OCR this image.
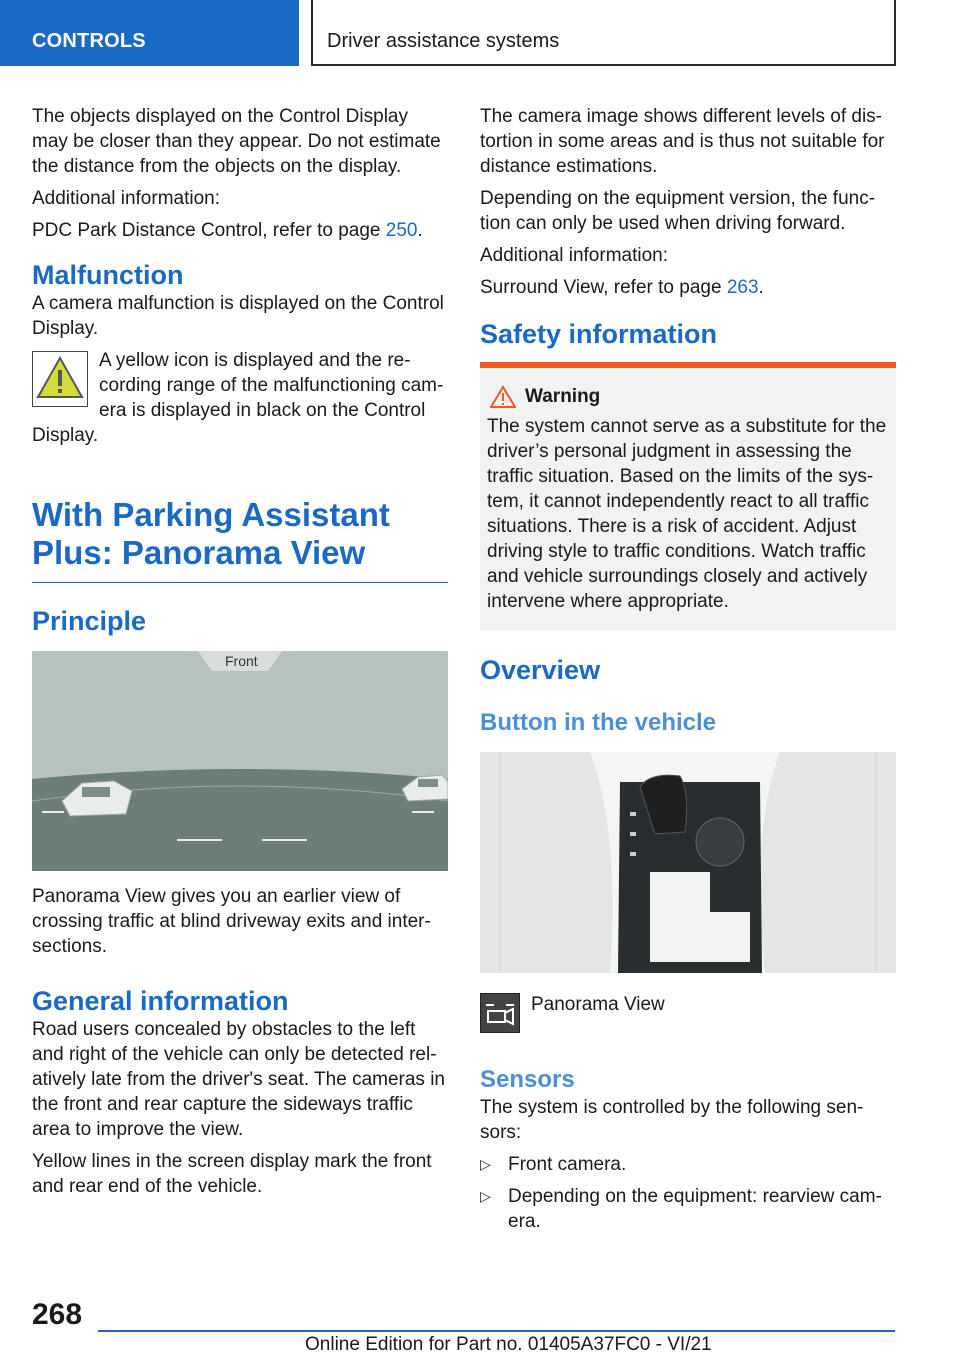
CONTROLS	Driver assistance systems

The objects displayed on the Control Display may be closer than they appear. Do not estimate the distance from the objects on the display.

Additional information:

PDC Park Distance Control, refer to page 250.

Malfunction

A camera malfunction is displayed on the Control Display.

A yellow icon is displayed and the re-

cording range of the malfunctioning cam-

era is displayed in black on the Control

Display.

With Parking Assistant
Plus: Panorama View
Principle
Front

Panorama View gives you an earlier view of crossing traffic at blind driveway exits and inter-sections.

General information

Road users concealed by obstacles to the left and right of the vehicle can only be detected rel-atively late from the driver's seat. The cameras in the front and rear capture the sideways traffic area to improve the view.

Yellow lines in the screen display mark the front and rear end of the vehicle.

The camera image shows different levels of dis-tortion in some areas and is thus not suitable for distance estimations.

Depending on the equipment version, the func-tion can only be used when driving forward.

Additional information:

Surround View, refer to page 263.

Safety information
Warning

The system cannot serve as a substitute for the driver’s personal judgment in assessing the traffic situation. Based on the limits of the sys-tem, it cannot independently react to all traffic situations. There is a risk of accident. Adjust driving style to traffic conditions. Watch traffic and vehicle surroundings closely and actively intervene where appropriate.

Overview
Button in the vehicle
Panorama View
Sensors

The system is controlled by the following sen-sors:

▷ Front camera.
▷ Depending on the equipment: rearview cam-era.
268
Online Edition for Part no. 01405A37FC0 - VI/21
